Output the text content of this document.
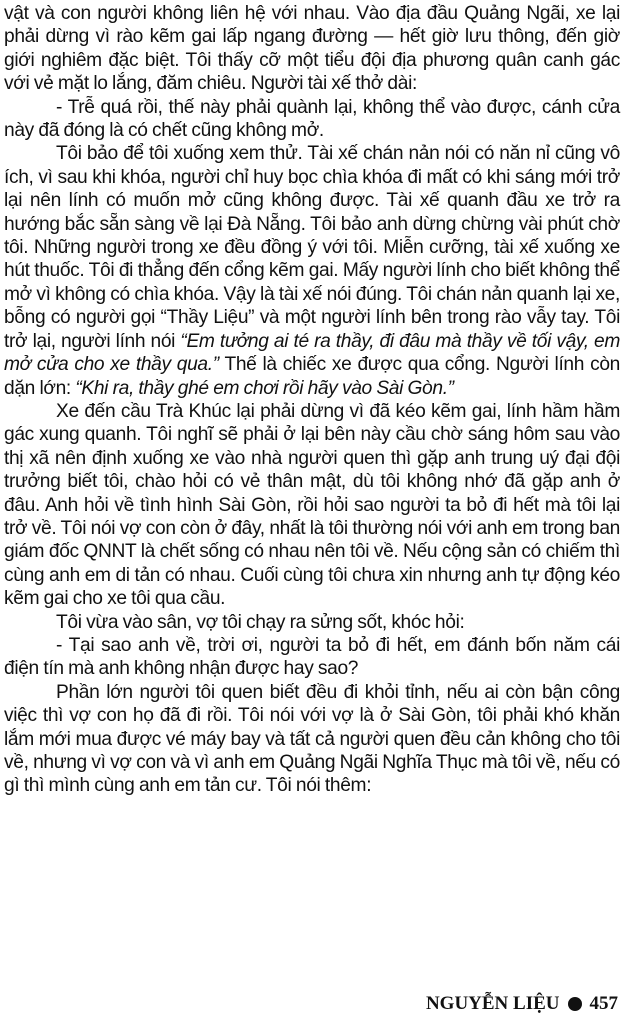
vật và con người không liên hệ với nhau. Vào địa đầu Quảng Ngãi, xe lại phải dừng vì rào kẽm gai lấp ngang đường — hết giờ lưu thông, đến giờ giới nghiêm đặc biệt. Tôi thấy cỡ một tiểu đội địa phương quân canh gác với vẻ mặt lo lắng, đăm chiêu. Người tài xế thở dài:

- Trễ quá rồi, thế này phải quành lại, không thể vào được, cánh cửa này đã đóng là có chết cũng không mở.

Tôi bảo để tôi xuống xem thử. Tài xế chán nản nói có năn nỉ cũng vô ích, vì sau khi khóa, người chỉ huy bọc chìa khóa đi mất có khi sáng mới trở lại nên lính có muốn mở cũng không được. Tài xế quanh đầu xe trở ra hướng bắc sẵn sàng về lại Đà Nẵng. Tôi bảo anh dừng chừng vài phút chờ tôi. Những người trong xe đều đồng ý với tôi. Miễn cưỡng, tài xế xuống xe hút thuốc. Tôi đi thẳng đến cổng kẽm gai. Mấy người lính cho biết không thể mở vì không có chìa khóa. Vậy là tài xế nói đúng. Tôi chán nản quanh lại xe, bỗng có người gọi “Thầy Liệu” và một người lính bên trong rào vẫy tay. Tôi trở lại, người lính nói “Em tưởng ai té ra thầy, đi đâu mà thầy về tối vậy, em mở cửa cho xe thầy qua.” Thế là chiếc xe được qua cổng. Người lính còn dặn lớn: “Khi ra, thầy ghé em chơi rồi hãy vào Sài Gòn.”

Xe đến cầu Trà Khúc lại phải dừng vì đã kéo kẽm gai, lính hầm hầm gác xung quanh. Tôi nghĩ sẽ phải ở lại bên này cầu chờ sáng hôm sau vào thị xã nên định xuống xe vào nhà người quen thì gặp anh trung uý đại đội trưởng biết tôi, chào hỏi có vẻ thân mật, dù tôi không nhớ đã gặp anh ở đâu. Anh hỏi về tình hình Sài Gòn, rồi hỏi sao người ta bỏ đi hết mà tôi lại trở về. Tôi nói vợ con còn ở đây, nhất là tôi thường nói với anh em trong ban giám đốc QNNT là chết sống có nhau nên tôi về. Nếu cộng sản có chiếm thì cùng anh em di tản có nhau. Cuối cùng tôi chưa xin nhưng anh tự động kéo kẽm gai cho xe tôi qua cầu.

Tôi vừa vào sân, vợ tôi chạy ra sửng sốt, khóc hỏi:

- Tại sao anh về, trời ơi, người ta bỏ đi hết, em đánh bốn năm cái điện tín mà anh không nhận được hay sao?

Phần lớn người tôi quen biết đều đi khỏi tỉnh, nếu ai còn bận công việc thì vợ con họ đã đi rồi. Tôi nói với vợ là ở Sài Gòn, tôi phải khó khăn lắm mới mua được vé máy bay và tất cả người quen đều cản không cho tôi về, nhưng vì vợ con và vì anh em Quảng Ngãi Nghĩa Thục mà tôi về, nếu có gì thì mình cùng anh em tản cư. Tôi nói thêm:

NGUYỄN LIỆU 457
